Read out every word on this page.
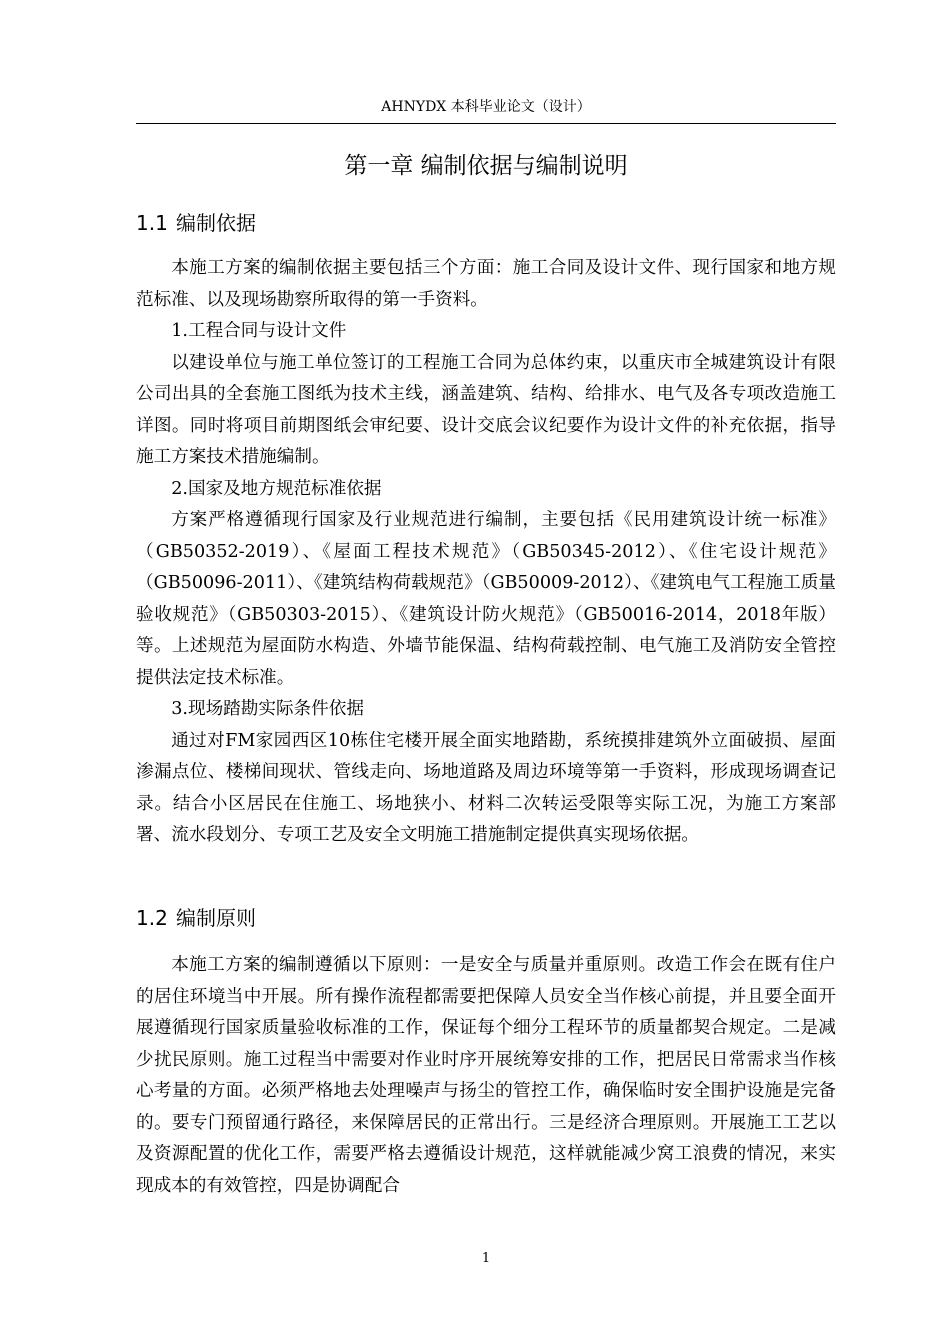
AHNYDX 本科毕业论文（设计）
第一章 编制依据与编制说明
1.1 编制依据

本施工方案的编制依据主要包括三个方面：施工合同及设计文件、现行国家和地方规范标准、以及现场勘察所取得的第一手资料。

1.工程合同与设计文件

以建设单位与施工单位签订的工程施工合同为总体约束，以重庆市全城建筑设计有限公司出具的全套施工图纸为技术主线，涵盖建筑、结构、给排水、电气及各专项改造施工详图。同时将项目前期图纸会审纪要、设计交底会议纪要作为设计文件的补充依据，指导施工方案技术措施编制。

2.国家及地方规范标准依据

方案严格遵循现行国家及行业规范进行编制，主要包括《民用建筑设计统一标准》（GB50352-2019）、《屋面工程技术规范》（GB50345-2012）、《住宅设计规范》（GB50096-2011）、《建筑结构荷载规范》（GB50009-2012）、《建筑电气工程施工质量验收规范》（GB50303-2015）、《建筑设计防火规范》（GB50016-2014，2018年版）等。上述规范为屋面防水构造、外墙节能保温、结构荷载控制、电气施工及消防安全管控提供法定技术标准。

3.现场踏勘实际条件依据

通过对FM家园西区10栋住宅楼开展全面实地踏勘，系统摸排建筑外立面破损、屋面渗漏点位、楼梯间现状、管线走向、场地道路及周边环境等第一手资料，形成现场调查记录。结合小区居民在住施工、场地狭小、材料二次转运受限等实际工况，为施工方案部署、流水段划分、专项工艺及安全文明施工措施制定提供真实现场依据。

1.2 编制原则

本施工方案的编制遵循以下原则：一是安全与质量并重原则。改造工作会在既有住户的居住环境当中开展。所有操作流程都需要把保障人员安全当作核心前提，并且要全面开展遵循现行国家质量验收标准的工作，保证每个细分工程环节的质量都契合规定。二是减少扰民原则。施工过程当中需要对作业时序开展统筹安排的工作，把居民日常需求当作核心考量的方面。必须严格地去处理噪声与扬尘的管控工作，确保临时安全围护设施是完备的。要专门预留通行路径，来保障居民的正常出行。三是经济合理原则。开展施工工艺以及资源配置的优化工作，需要严格去遵循设计规范，这样就能减少窝工浪费的情况，来实现成本的有效管控，四是协调配合

1
